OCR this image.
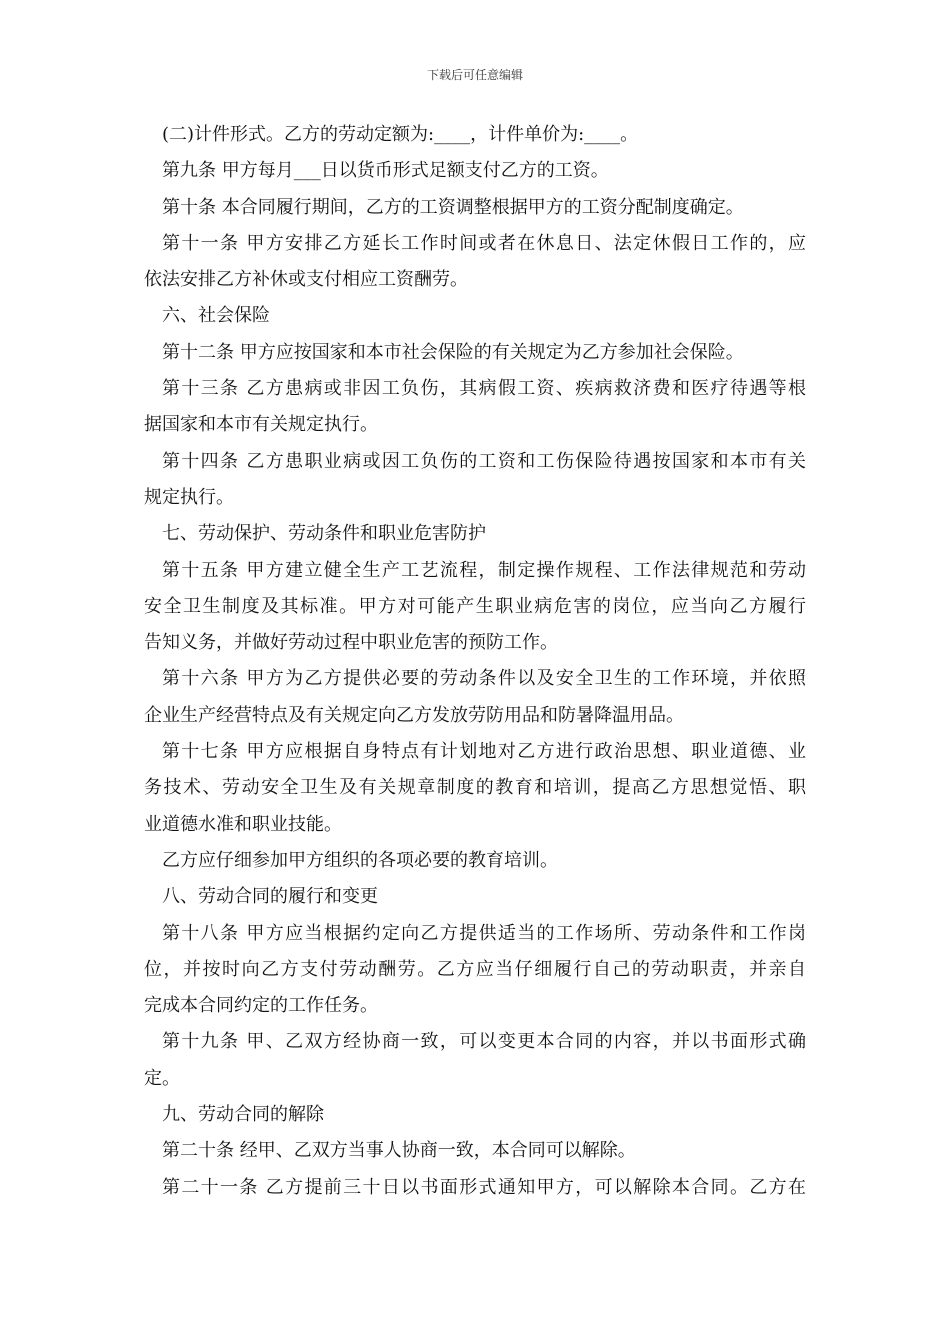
下载后可任意编辑
(二)计件形式。乙方的劳动定额为:____，计件单价为:____。
第九条 甲方每月___日以货币形式足额支付乙方的工资。
第十条 本合同履行期间，乙方的工资调整根据甲方的工资分配制度确定。
第十一条 甲方安排乙方延长工作时间或者在休息日、法定休假日工作的，应
依法安排乙方补休或支付相应工资酬劳。
六、社会保险
第十二条 甲方应按国家和本市社会保险的有关规定为乙方参加社会保险。
第十三条 乙方患病或非因工负伤，其病假工资、疾病救济费和医疗待遇等根
据国家和本市有关规定执行。
第十四条 乙方患职业病或因工负伤的工资和工伤保险待遇按国家和本市有关
规定执行。
七、劳动保护、劳动条件和职业危害防护
第十五条 甲方建立健全生产工艺流程，制定操作规程、工作法律规范和劳动
安全卫生制度及其标准。甲方对可能产生职业病危害的岗位，应当向乙方履行
告知义务，并做好劳动过程中职业危害的预防工作。
第十六条 甲方为乙方提供必要的劳动条件以及安全卫生的工作环境，并依照
企业生产经营特点及有关规定向乙方发放劳防用品和防暑降温用品。
第十七条 甲方应根据自身特点有计划地对乙方进行政治思想、职业道德、业
务技术、劳动安全卫生及有关规章制度的教育和培训，提高乙方思想觉悟、职
业道德水准和职业技能。
乙方应仔细参加甲方组织的各项必要的教育培训。
八、劳动合同的履行和变更
第十八条 甲方应当根据约定向乙方提供适当的工作场所、劳动条件和工作岗
位，并按时向乙方支付劳动酬劳。乙方应当仔细履行自己的劳动职责，并亲自
完成本合同约定的工作任务。
第十九条 甲、乙双方经协商一致，可以变更本合同的内容，并以书面形式确
定。
九、劳动合同的解除
第二十条 经甲、乙双方当事人协商一致，本合同可以解除。
第二十一条 乙方提前三十日以书面形式通知甲方，可以解除本合同。乙方在
